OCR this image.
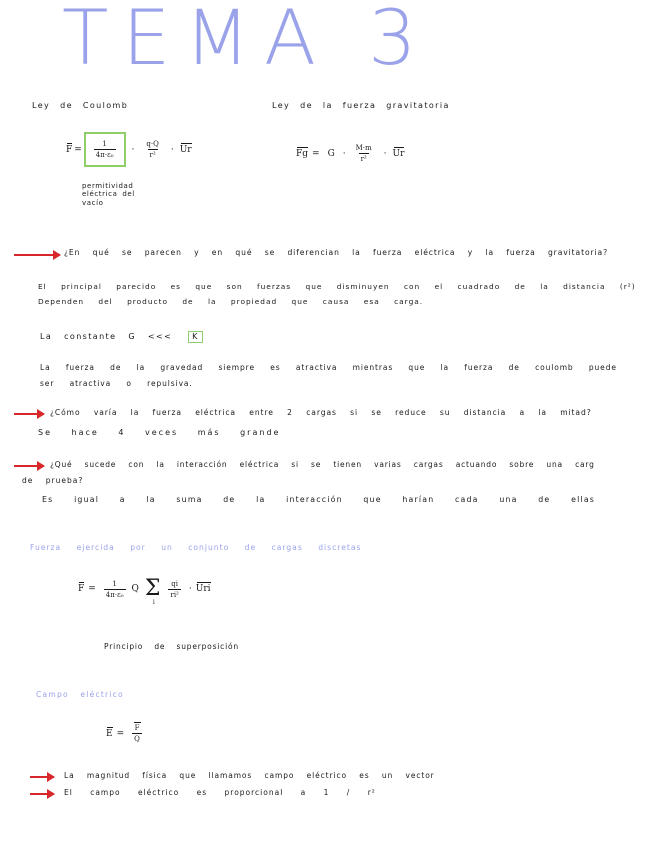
TEMA 3
Ley de Coulomb
$F = \frac{1}{\text{4π·ε₀}} \cdot \frac{q\cdot Q}{\text{r²}} \cdot Ur$
permitividad
eléctrica del
vacío
Ley de la fuerza gravitatoria
$Fg = G \cdot \frac{M\cdot m}{\text{r²}} \cdot Ur$
¿En qué se parecen y en qué se diferencian la fuerza eléctrica y la fuerza gravitatoria?
El principal parecido es que son fuerzas que disminuyen con el cuadrado de la distancia (r²)
Dependen del producto de la propiedad que causa esa carga.
La constante G <<< K
La fuerza de la gravedad siempre es atractiva mientras que la fuerza de coulomb puede
ser atractiva o repulsiva.
¿Cómo varía la fuerza eléctrica entre 2 cargas si se reduce su distancia a la mitad?
Se hace 4 veces más grande
¿Qué sucede con la interacción eléctrica si se tienen varias cargas actuando sobre una carg
de prueba?
Es igual a la suma de la interacción que harían cada una de ellas
Fuerza ejercida por un conjunto de cargas discretas
$F = \frac{1}{\text{4π·ε₀}}$ Q Σ
i
$\frac{qi}{\text{ri²}}$ · Uri
Principio de superposición
Campo eléctrico
$E = \frac{F}{Q}$
La magnitud física que llamamos campo eléctrico es un vector
El campo eléctrico es proporcional a 1 / r²
